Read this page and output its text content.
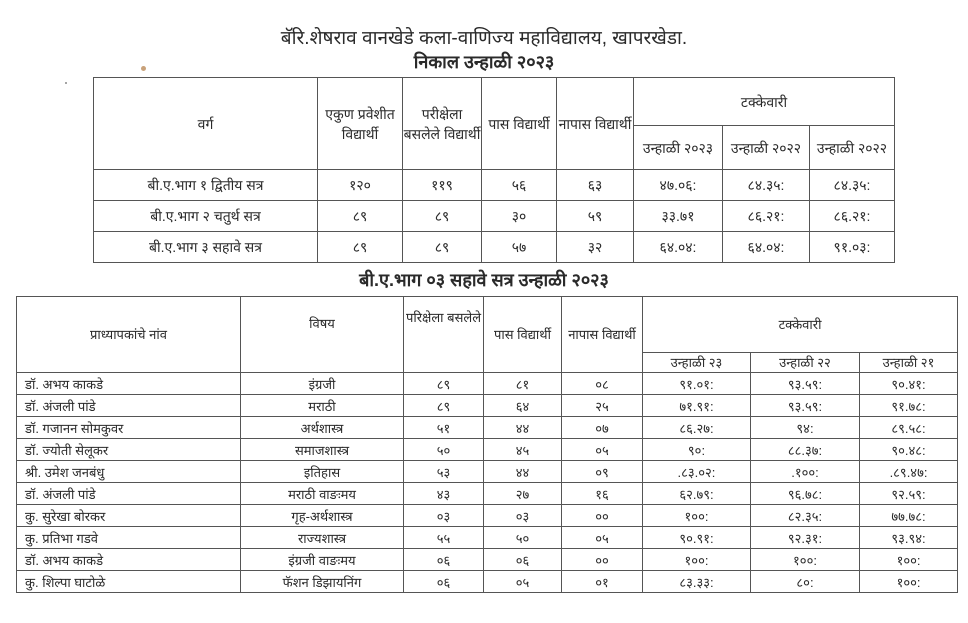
बॅरि.शेषराव वानखेडे कला-वाणिज्य महाविद्यालय, खापरखेडा.
निकाल उन्हाळी २०२३
वर्ग	एकुण प्रवेशीत विद्यार्थी	परीक्षेला बसलेले विद्यार्थी	पास विद्यार्थी	नापास विद्यार्थी	टक्केवारी		
					उन्हाळी २०२३	उन्हाळी २०२२	उन्हाळी २०२२
बी.ए.भाग १ द्वितीय सत्र	१२०	११९	५६	६३	४७.०६:	८४.३५:	८४.३५:
बी.ए.भाग २ चतुर्थ सत्र	८९	८९	३०	५९	३३.७१	८६.२१:	८६.२१:
बी.ए.भाग ३ सहावे सत्र	८९	८९	५७	३२	६४.०४:	६४.०४:	९१.०३:
बी.ए.भाग ०३ सहावे सत्र उन्हाळी २०२३
प्राध्यापकांचे नांव	विषय	परिक्षेला बसलेले	पास विद्यार्थी	नापास विद्यार्थी	टक्केवारी		
					उन्हाळी २३	उन्हाळी २२	उन्हाळी २१
डॉ. अभय काकडे	इंग्रजी	८९	८१	०८	९१.०१:	९३.५९:	९०.४१:
डॉ. अंजली पांडे	मराठी	८९	६४	२५	७१.९१:	९३.५९:	९१.७८:
डॉ. गजानन सोमकुवर	अर्थशास्त्र	५१	४४	०७	८६.२७:	९४:	८९.५८:
डॉ. ज्योती सेलूकर	समाजशास्त्र	५०	४५	०५	९०:	८८.३७:	९०.४८:
श्री. उमेश जनबंधु	इतिहास	५३	४४	०९	.८३.०२:	.१००:	.८९.४७:
डॉ. अंजली पांडे	मराठी वाङःमय	४३	२७	१६	६२.७९:	९६.७८:	९२.५९:
कु. सुरेखा बोरकर	गृह-अर्थशास्त्र	०३	०३	००	१००:	८२.३५:	७७.७८:
कु. प्रतिभा गडवे	राज्यशास्त्र	५५	५०	०५	९०.९१:	९२.३१:	९३.९४:
डॉ. अभय काकडे	इंग्रजी वाङःमय	०६	०६	००	१००:	१००:	१००:
कु. शिल्पा घाटोळे	फॅशन डिझायनिंग	०६	०५	०१	८३.३३:	८०:	१००:
